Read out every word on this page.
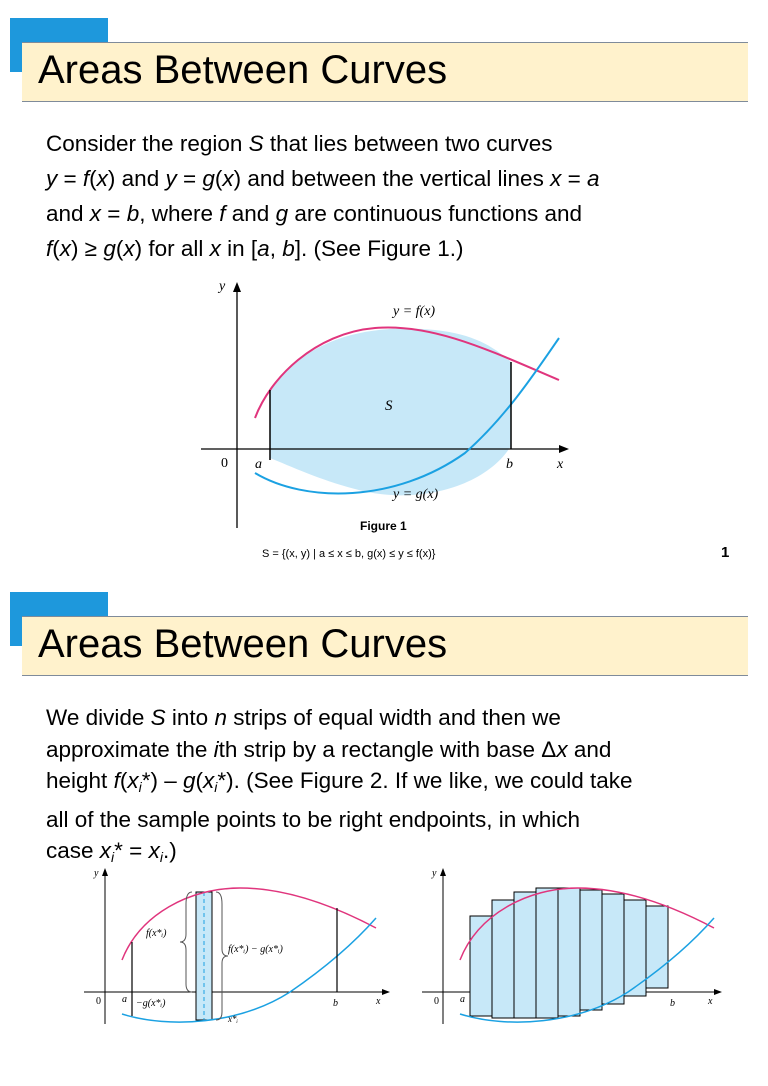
Areas Between Curves
Consider the region S that lies between two curves
y = f(x) and y = g(x) and between the vertical lines x = a
and x = b, where f and g are continuous functions and
f(x) ≥ g(x) for all x in [a, b]. (See Figure 1.)
y
x
0 a	b
S
y = f(x)
y = g(x)
Figure 1
S = {(x, y) | a ≤ x ≤ b, g(x) ≤ y ≤ f(x)}	1
Areas Between Curves
We divide S into n strips of equal width and then we
approximate the ith strip by a rectangle with base Δx and
height $f(x_i*) - g(x_i*)$. (See Figure 2. If we like, we could take
all of the sample points to be right endpoints, in which
case $x_i* = x_i$.)
y
x
0 a	b
f(x*ᵢ)
−g(x*ᵢ)
f(x*ᵢ) − g(x*ᵢ)
x*ᵢ
y
x
0 a	b
